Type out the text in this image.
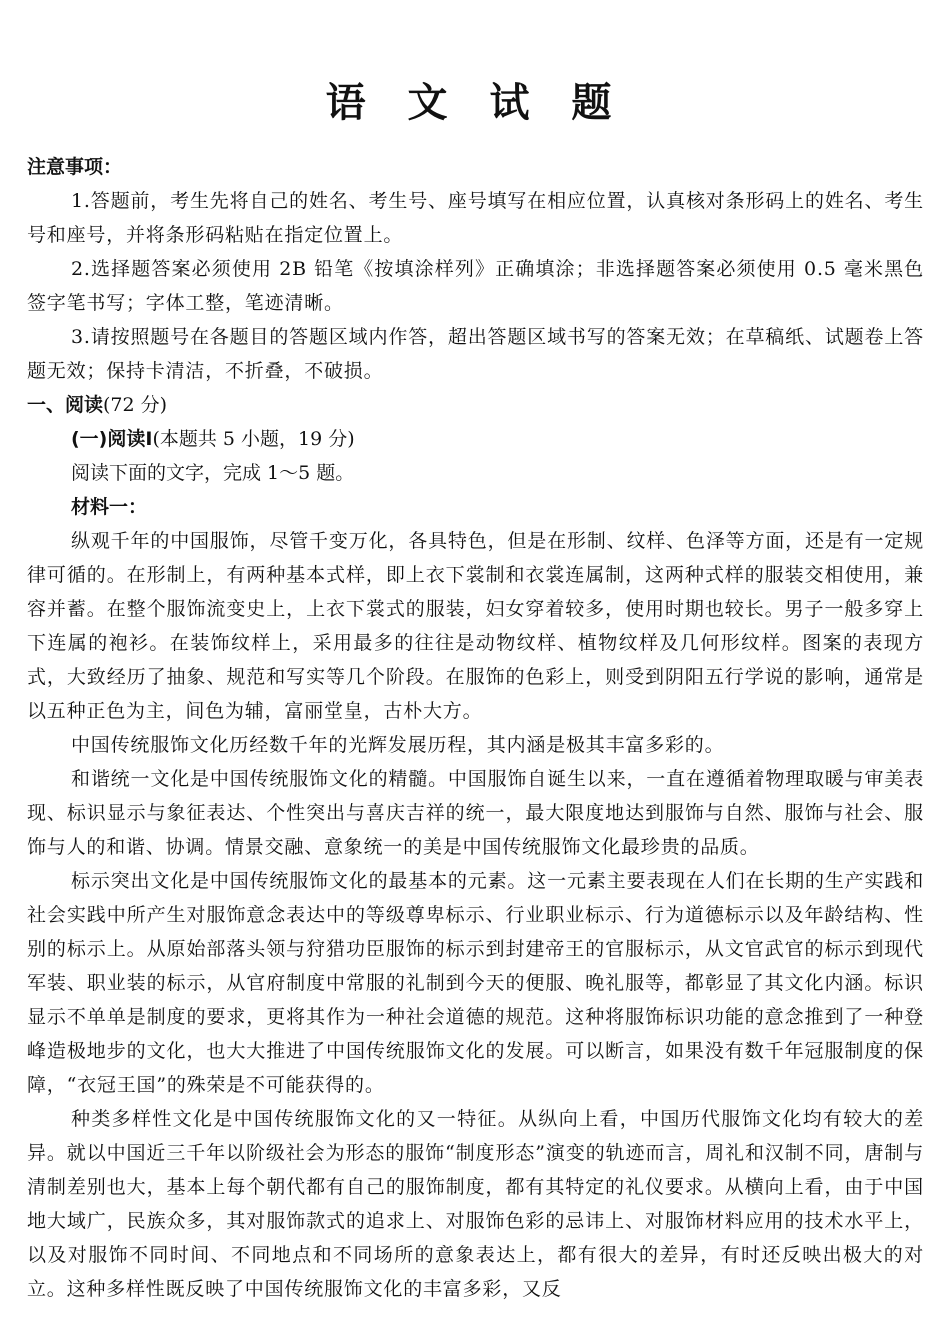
语 文 试 题
注意事项：

1.答题前，考生先将自己的姓名、考生号、座号填写在相应位置，认真核对条形码上的姓名、考生号和座号，并将条形码粘贴在指定位置上。

2.选择题答案必须使用 2B 铅笔《按填涂样列》正确填涂；非选择题答案必须使用 0.5 毫米黑色签字笔书写；字体工整，笔迹清晰。

3.请按照题号在各题目的答题区域内作答，超出答题区域书写的答案无效；在草稿纸、试题卷上答题无效；保持卡清洁，不折叠，不破损。

一、阅读(72 分)
(一)阅读Ⅰ(本题共 5 小题，19 分)
阅读下面的文字，完成 1～5 题。
材料一：

纵观千年的中国服饰，尽管千变万化，各具特色，但是在形制、纹样、色泽等方面，还是有一定规律可循的。在形制上，有两种基本式样，即上衣下裳制和衣裳连属制，这两种式样的服装交相使用，兼容并蓄。在整个服饰流变史上，上衣下裳式的服装，妇女穿着较多，使用时期也较长。男子一般多穿上下连属的袍衫。在装饰纹样上，采用最多的往往是动物纹样、植物纹样及几何形纹样。图案的表现方式，大致经历了抽象、规范和写实等几个阶段。在服饰的色彩上，则受到阴阳五行学说的影响，通常是以五种正色为主，间色为辅，富丽堂皇，古朴大方。

中国传统服饰文化历经数千年的光辉发展历程，其内涵是极其丰富多彩的。

和谐统一文化是中国传统服饰文化的精髓。中国服饰自诞生以来，一直在遵循着物理取暖与审美表现、标识显示与象征表达、个性突出与喜庆吉祥的统一，最大限度地达到服饰与自然、服饰与社会、服饰与人的和谐、协调。情景交融、意象统一的美是中国传统服饰文化最珍贵的品质。

标示突出文化是中国传统服饰文化的最基本的元素。这一元素主要表现在人们在长期的生产实践和社会实践中所产生对服饰意念表达中的等级尊卑标示、行业职业标示、行为道德标示以及年龄结构、性别的标示上。从原始部落头领与狩猎功臣服饰的标示到封建帝王的官服标示，从文官武官的标示到现代军装、职业装的标示，从官府制度中常服的礼制到今天的便服、晚礼服等，都彰显了其文化内涵。标识显示不单单是制度的要求，更将其作为一种社会道德的规范。这种将服饰标识功能的意念推到了一种登峰造极地步的文化，也大大推进了中国传统服饰文化的发展。可以断言，如果没有数千年冠服制度的保障，“衣冠王国”的殊荣是不可能获得的。

种类多样性文化是中国传统服饰文化的又一特征。从纵向上看，中国历代服饰文化均有较大的差异。就以中国近三千年以阶级社会为形态的服饰“制度形态”演变的轨迹而言，周礼和汉制不同，唐制与清制差别也大，基本上每个朝代都有自己的服饰制度，都有其特定的礼仪要求。从横向上看，由于中国地大域广，民族众多，其对服饰款式的追求上、对服饰色彩的忌讳上、对服饰材料应用的技术水平上，以及对服饰不同时间、不同地点和不同场所的意象表达上，都有很大的差异，有时还反映出极大的对立。这种多样性既反映了中国传统服饰文化的丰富多彩，又反
